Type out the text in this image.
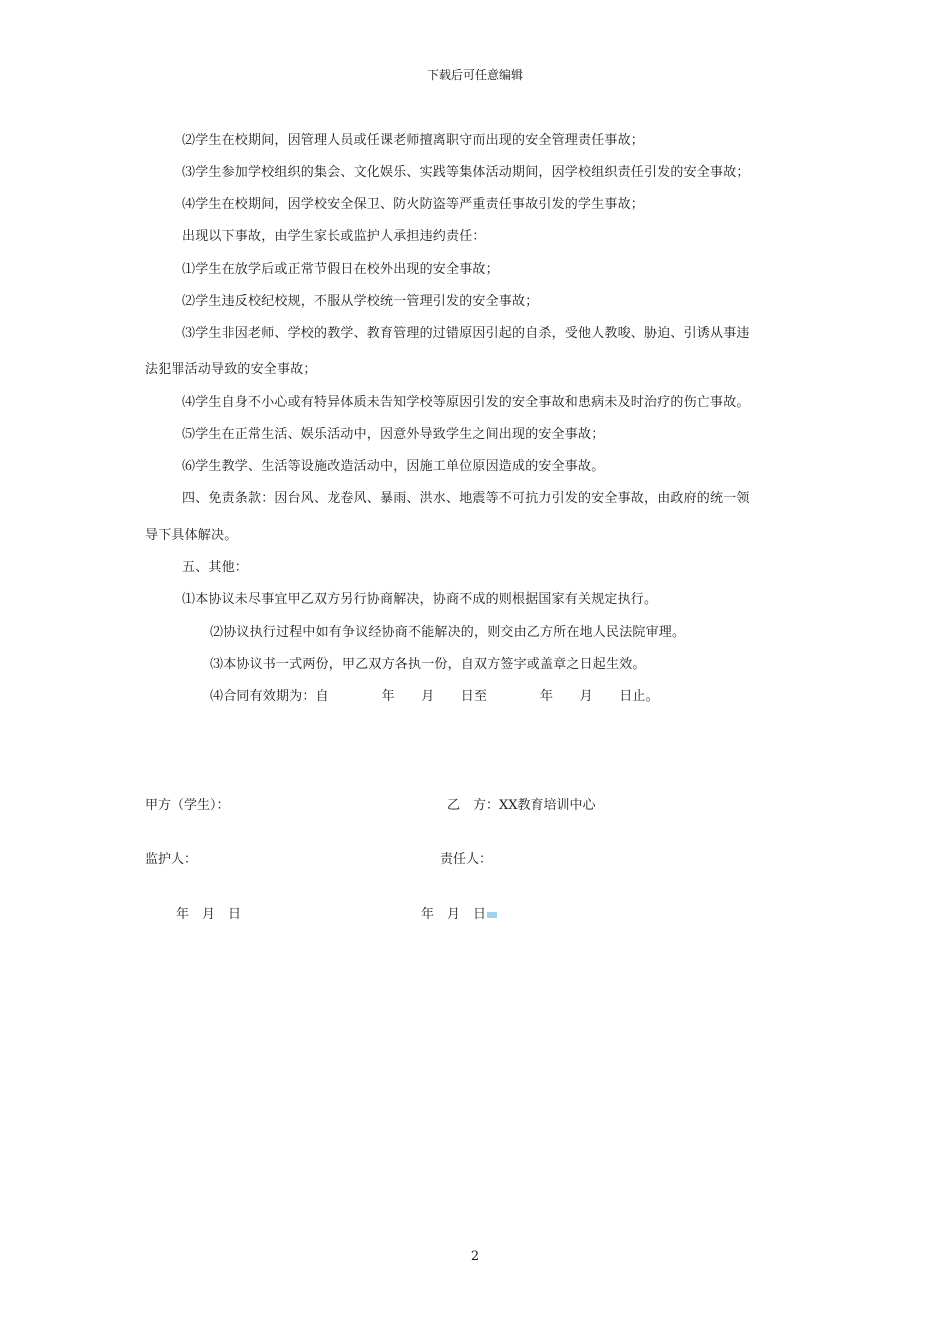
下载后可任意编辑
⑵学生在校期间，因管理人员或任课老师擅离职守而出现的安全管理责任事故；
⑶学生参加学校组织的集会、文化娱乐、实践等集体活动期间，因学校组织责任引发的安全事故；
⑷学生在校期间，因学校安全保卫、防火防盗等严重责任事故引发的学生事故；
出现以下事故，由学生家长或监护人承担违约责任：
⑴学生在放学后或正常节假日在校外出现的安全事故；
⑵学生违反校纪校规，不服从学校统一管理引发的安全事故；
⑶学生非因老师、学校的教学、教育管理的过错原因引起的自杀，受他人教唆、胁迫、引诱从事违
法犯罪活动导致的安全事故；
⑷学生自身不小心或有特异体质未告知学校等原因引发的安全事故和患病未及时治疗的伤亡事故。
⑸学生在正常生活、娱乐活动中，因意外导致学生之间出现的安全事故；
⑹学生教学、生活等设施改造活动中，因施工单位原因造成的安全事故。
四、免责条款：因台风、龙卷风、暴雨、洪水、地震等不可抗力引发的安全事故，由政府的统一领
导下具体解决。
五、其他：
⑴本协议未尽事宜甲乙双方另行协商解决，协商不成的则根据国家有关规定执行。
⑵协议执行过程中如有争议经协商不能解决的，则交由乙方所在地人民法院审理。
⑶本协议书一式两份，甲乙双方各执一份，自双方签字或盖章之日起生效。
⑷合同有效期为：自　　　　年　　月　　日至　　　　年　　月　　日止。
甲方（学生）：	乙　方：XX教育培训中心
监护人：	责任人：
年　月　日	年　月　日
2
